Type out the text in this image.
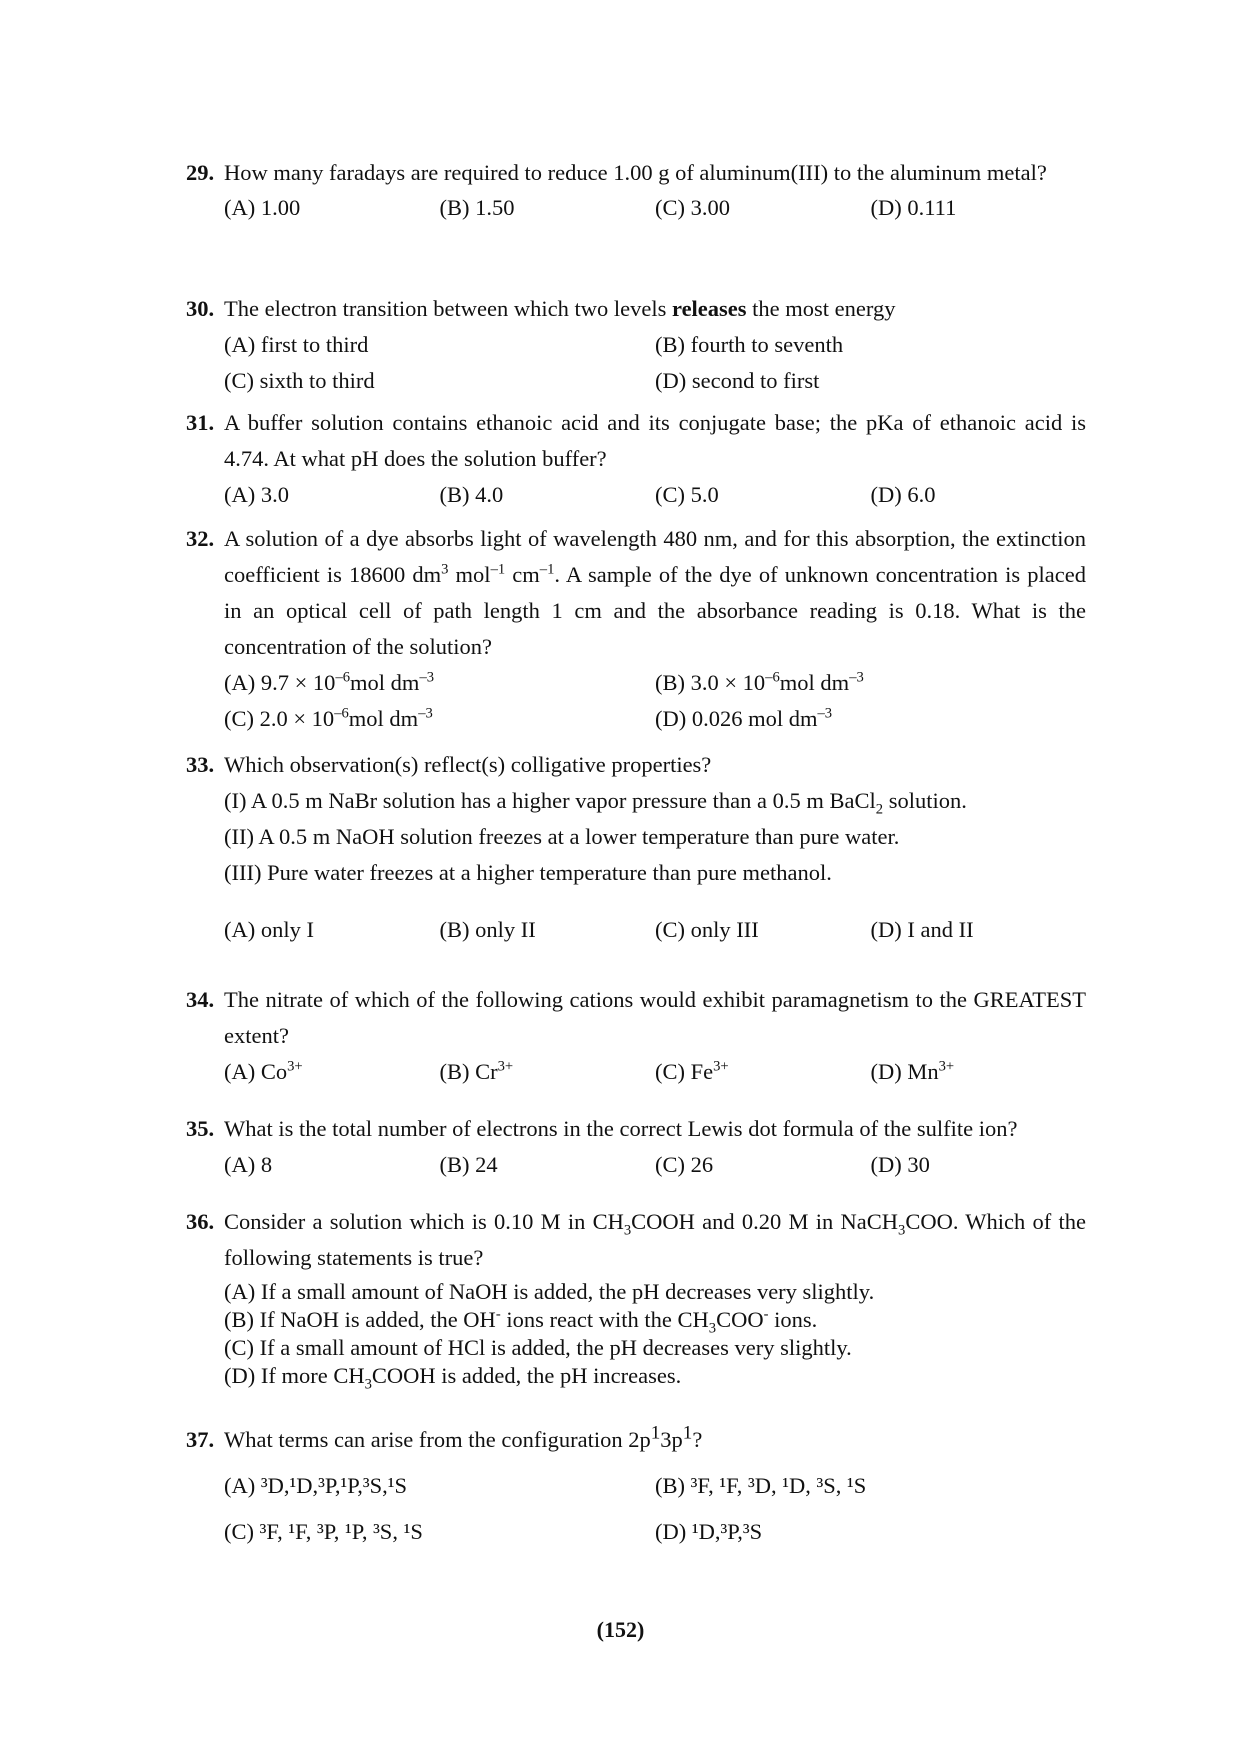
29. How many faradays are required to reduce 1.00 g of aluminum(III) to the aluminum metal?
(A) 1.00	(B) 1.50	(C) 3.00	(D) 0.111
30. The electron transition between which two levels releases the most energy
(A) first to third	(B) fourth to seventh
(C) sixth to third	(D) second to first
31. A buffer solution contains ethanoic acid and its conjugate base; the pKa of ethanoic acid is 4.74. At what pH does the solution buffer?
(A) 3.0	(B) 4.0	(C) 5.0	(D) 6.0
32. A solution of a dye absorbs light of wavelength 480 nm, and for this absorption, the extinction coefficient is 18600 $dm^3$ mol$^{-1}$ $cm^{-1}$. A sample of the dye of unknown concentration is placed in an optical cell of path length 1 cm and the absorbance reading is 0.18. What is the concentration of the solution?
(A) $9.7 \times 10^{-6}mol$ $dm^{-3}$	(B) $3.0 \times 10^{-6}mol$ $dm^{-3}$
(C) $2.0 \times 10^{-6}mol$ $dm^{-3}$	(D) 0.026 mol $dm^{-3}$
33. Which observation(s) reflect(s) colligative properties?
(I) A 0.5 m NaBr solution has a higher vapor pressure than a 0.5 m BaCl$_2$ solution.
(II) A 0.5 m NaOH solution freezes at a lower temperature than pure water.
(III) Pure water freezes at a higher temperature than pure methanol.
(A) only I	(B) only II	(C) only III	(D) I and II
34. The nitrate of which of the following cations would exhibit paramagnetism to the GREATEST extent?
(A) $Co^{3+}$	(B) $Cr^{3+}$	(C) $Fe^{3+}$	(D) $Mn^{3+}$
35. What is the total number of electrons in the correct Lewis dot formula of the sulfite ion?
(A) 8	(B) 24	(C) 26	(D) 30
36. Consider a solution which is 0.10 M in $CH_3COOH$ and 0.20 M in NaCH$_3$COO. Which of the following statements is true?
(A) If a small amount of NaOH is added, the pH decreases very slightly.
(B) If NaOH is added, the OH- ions react with the $CH_3COO^-$ ions.
(C) If a small amount of HCl is added, the pH decreases very slightly.
(D) If more $CH_3COOH$ is added, the pH increases.
37. What terms can arise from the configuration $2p^13p^1$?
(A) ³D,¹D,³P,¹P,³S,¹S	(B) ³F, ¹F, ³D, ¹D, ³S, ¹S
(C) ³F, ¹F, ³P, ¹P, ³S, ¹S	(D) ¹D,³P,³S
(152)
